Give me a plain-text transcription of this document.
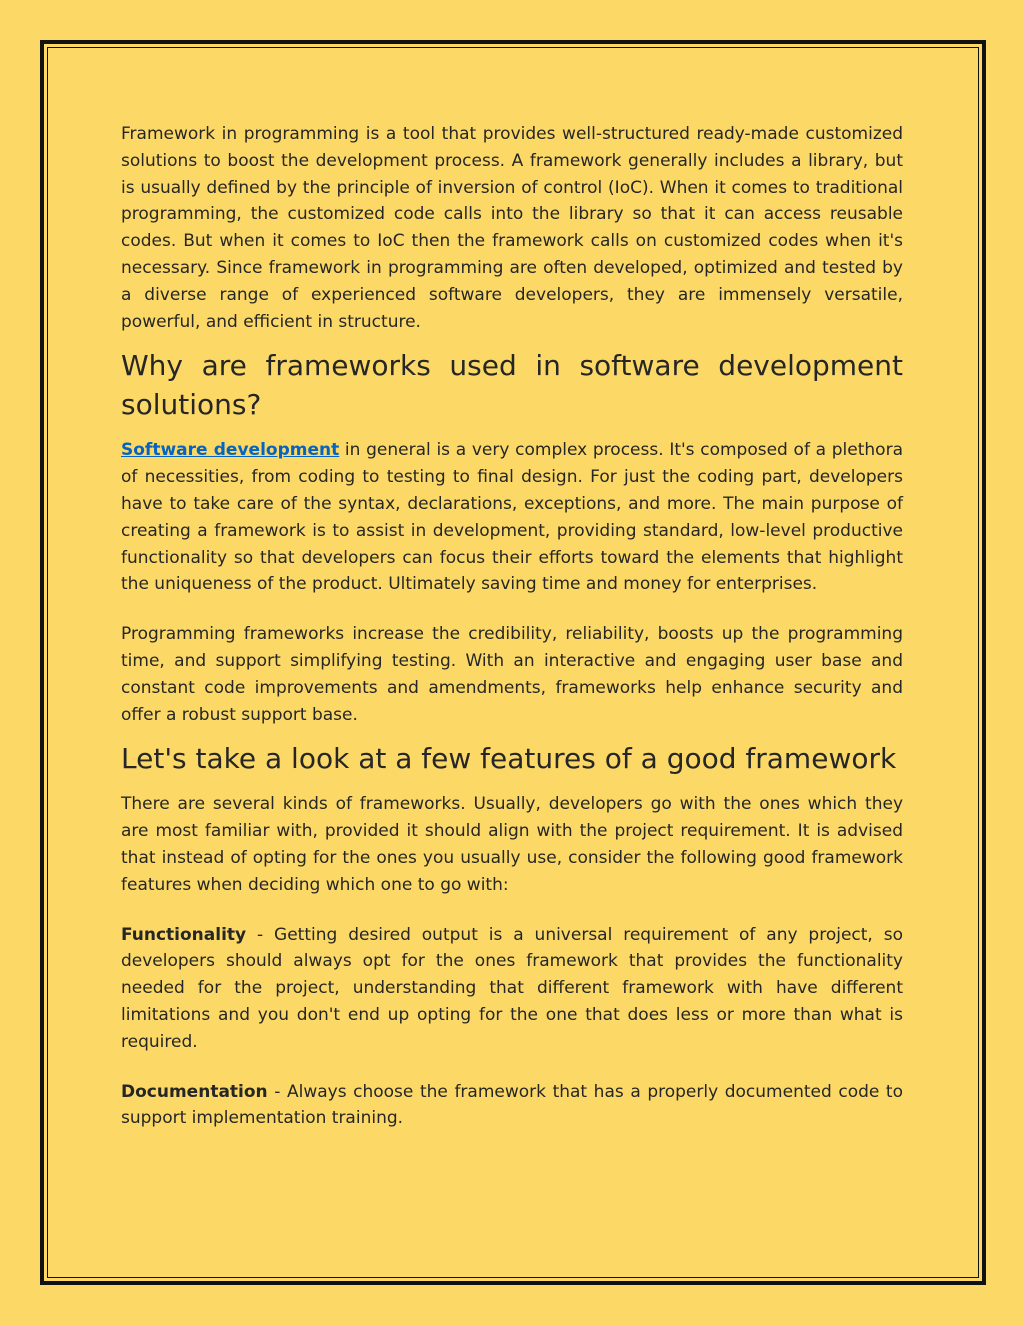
Framework in programming is a tool that provides well-structured ready-made customized solutions to boost the development process. A framework generally includes a library, but is usually defined by the principle of inversion of control (IoC). When it comes to traditional programming, the customized code calls into the library so that it can access reusable codes. But when it comes to IoC then the framework calls on customized codes when it's necessary. Since framework in programming are often developed, optimized and tested by a diverse range of experienced software developers, they are immensely versatile, powerful, and efficient in structure.

Why are frameworks used in software development solutions?

Software development in general is a very complex process. It's composed of a plethora of necessities, from coding to testing to final design. For just the coding part, developers have to take care of the syntax, declarations, exceptions, and more. The main purpose of creating a framework is to assist in development, providing standard, low-level productive functionality so that developers can focus their efforts toward the elements that highlight the uniqueness of the product. Ultimately saving time and money for enterprises.

Programming frameworks increase the credibility, reliability, boosts up the programming time, and support simplifying testing. With an interactive and engaging user base and constant code improvements and amendments, frameworks help enhance security and offer a robust support base.

Let's take a look at a few features of a good framework

There are several kinds of frameworks. Usually, developers go with the ones which they are most familiar with, provided it should align with the project requirement. It is advised that instead of opting for the ones you usually use, consider the following good framework features when deciding which one to go with:

Functionality - Getting desired output is a universal requirement of any project, so developers should always opt for the ones framework that provides the functionality needed for the project, understanding that different framework with have different limitations and you don't end up opting for the one that does less or more than what is required.

Documentation - Always choose the framework that has a properly documented code to support implementation training.
